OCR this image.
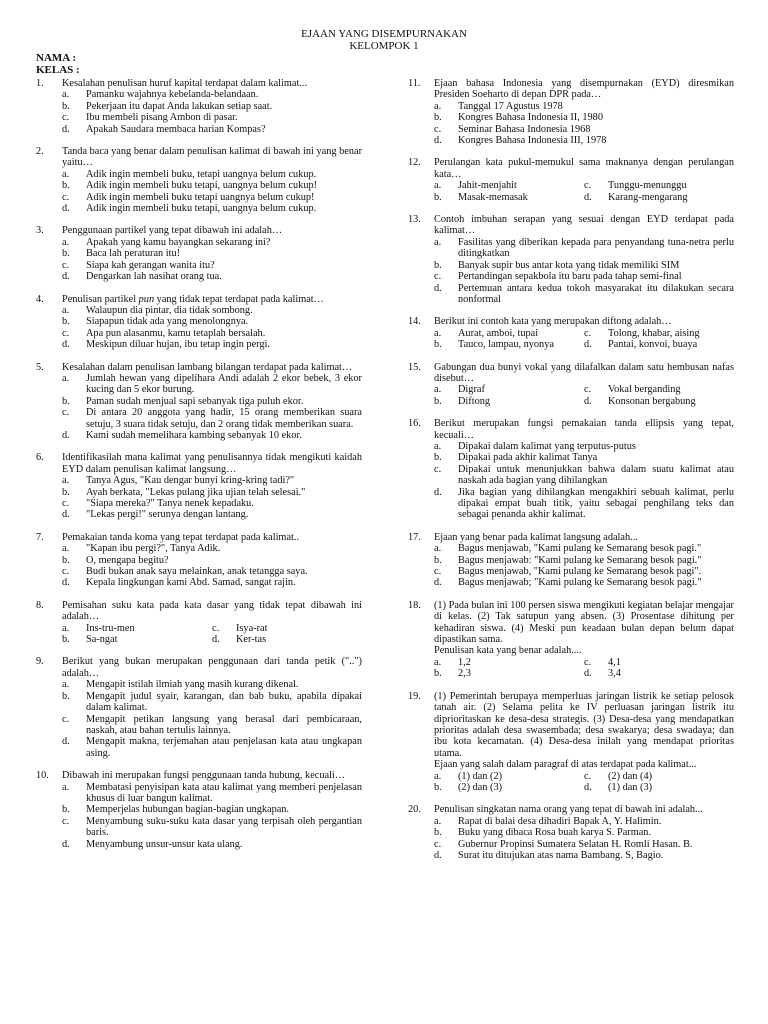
EJAAN YANG DISEMPURNAKAN
KELOMPOK 1
NAMA :
KELAS :
1.	Kesalahan penulisan huruf kapital terdapat dalam kalimat...
a. Pamanku wajahnya kebelanda-belandaan.
b. Pekerjaan itu dapat Anda lakukan setiap saat.
c. Ibu membeli pisang Ambon di pasar.
d. Apakah Saudara membaca harian Kompas?
2.	Tanda baca yang benar dalam penulisan kalimat di bawah ini yang benar yaitu…
a. Adik ingin membeli buku, tetapi uangnya belum cukup.
b. Adik ingin membeli buku tetapi, uangnya belum cukup!
c. Adik ingin membeli buku tetapi uangnya belum cukup!
d. Adik ingin membeli buku tetapi, uangnya belum cukup.
3.	Penggunaan partikel yang tepat dibawah ini adalah…
a. Apakah yang kamu bayangkan sekarang ini?
b. Baca lah peraturan itu!
c. Siapa kah gerangan wanita itu?
d. Dengarkan lah nasihat orang tua.
4.	Penulisan partikel pun yang tidak tepat terdapat pada kalimat…
a. Walaupun dia pintar, dia tidak sombong.
b. Siapapun tidak ada yang menolongnya.
c. Apa pun alasanmu, kamu tetaplah bersalah.
d. Meskipun diluar hujan, ibu tetap ingin pergi.
5.	Kesalahan dalam penulisan lambang bilangan terdapat pada kalimat…
a. Jumlah hewan yang dipelihara Andi adalah 2 ekor bebek, 3 ekor kucing dan 5 ekor burung.
b. Paman sudah menjual sapi sebanyak tiga puluh ekor.
c. Di antara 20 anggota yang hadir, 15 orang memberikan suara setuju, 3 suara tidak setuju, dan 2 orang tidak memberikan suara.
d. Kami sudah memelihara kambing sebanyak 10 ekor.
6.	Identifikasilah mana kalimat yang penulisannya tidak mengikuti kaidah EYD dalam penulisan kalimat langsung…
a. Tanya Agus, "Kau dengar bunyi kring-kring tadi?"
b. Ayah berkata, "Lekas pulang jika ujian telah selesai."
c. "Siapa mereka?" Tanya nenek kepadaku.
d. "Lekas pergi!" serunya dengan lantang.
7.	Pemakaian tanda koma yang tepat terdapat pada kalimat..
a. "Kapan ibu pergi?", Tanya Adik.
b. O, mengapa begitu?
c. Budi bukan anak saya melainkan, anak tetangga saya.
d. Kepala lingkungan kami Abd. Samad, sangat rajin.
8.	Pemisahan suku kata pada kata dasar yang tidak tepat dibawah ini adalah…
a. Ins-tru-men	c. Isya-rat
b. Sa-ngat	d. Ker-tas
9.	Berikut yang bukan merupakan penggunaan dari tanda petik ("..") adalah…
a. Mengapit istilah ilmiah yang masih kurang dikenal.
b. Mengapit judul syair, karangan, dan bab buku, apabila dipakai dalam kalimat.
c. Mengapit petikan langsung yang berasal dari pembicaraan, naskah, atau bahan tertulis lainnya.
d. Mengapit makna, terjemahan atau penjelasan kata atau ungkapan asing.
10.	Dibawah ini merupakan fungsi penggunaan tanda hubung, kecuali…
a. Membatasi penyisipan kata atau kalimat yang memberi penjelasan khusus di luar bangun kalimat.
b. Memperjelas hubungan bagian-bagian ungkapan.
c. Menyambung suku-suku kata dasar yang terpisah oleh pergantian baris.
d. Menyambung unsur-unsur kata ulang.
11.	Ejaan bahasa Indonesia yang disempurnakan (EYD) diresmikan Presiden Soeharto di depan DPR pada…
a. Tanggal 17 Agustus 1978
b. Kongres Bahasa Indonesia II, 1980
c. Seminar Bahasa Indonesia 1968
d. Kongres Bahasa Indonesia III, 1978
12.	Perulangan kata pukul-memukul sama maknanya dengan perulangan kata…
a. Jahit-menjahit	c. Tunggu-menunggu
b. Masak-memasak	d. Karang-mengarang
13.	Contoh imbuhan serapan yang sesuai dengan EYD terdapat pada kalimat…
a. Fasilitas yang diberikan kepada para penyandang tuna-netra perlu ditingkatkan
b. Banyak supir bus antar kota yang tidak memiliki SIM
c. Pertandingan sepakbola itu baru pada tahap semi-final
d. Pertemuan antara kedua tokoh masyarakat itu dilakukan secara nonformal
14.	Berikut ini contoh kata yang merupakan diftong adalah…
a. Aurat, amboi, tupai	c. Tolong, khabar, aising
b. Tauco, lampau, nyonya	d. Pantai, konvoi, buaya
15.	Gabungan dua bunyi vokal yang dilafalkan dalam satu hembusan nafas disebut…
a. Digraf	c. Vokal berganding
b. Diftong	d. Konsonan bergabung
16.	Berikut merupakan fungsi pemakaian tanda ellipsis yang tepat, kecuali…
a. Dipakai dalam kalimat yang terputus-putus
b. Dipakai pada akhir kalimat Tanya
c. Dipakai untuk menunjukkan bahwa dalam suatu kalimat atau naskah ada bagian yang dihilangkan
d. Jika bagian yang dihilangkan mengakhiri sebuah kalimat, perlu dipakai empat buah titik, yaitu sebagai penghilang teks dan sebagai penanda akhir kalimat.
17.	Ejaan yang benar pada kalimat langsung adalah...
a. Bagus menjawab, "Kami pulang ke Semarang besok pagi."
b. Bagus menjawab: "Kami pulang ke Semarang besok pagi."
c. Bagus menjawab, "Kami pulang ke Semarang besok pagi".
d. Bagus menjawab; "Kami pulang ke Semarang besok pagi."
18.	(1) Pada bulan ini 100 persen siswa mengikuti kegiatan belajar mengajar di kelas. (2) Tak satupun yang absen. (3) Prosentase dihitung per kehadiran siswa. (4) Meski pun keadaan bulan depan belum dapat dipastikan sama.
Penulisan kata yang benar adalah....
a. 1,2	c. 4,1
b. 2,3	d. 3,4
19.	(1) Pemerintah berupaya memperluas jaringan listrik ke setiap pelosok tanah air. (2) Selama pelita ke IV perluasan jaringan listrik itu diprioritaskan ke desa-desa strategis. (3) Desa-desa yang mendapatkan prioritas adalah desa swasembada; desa swakarya; desa swadaya; dan ibu kota kecamatan. (4) Desa-desa inilah yang mendapat prioritas utama.
Ejaan yang salah dalam paragraf di atas terdapat pada kalimat...
a. (1) dan (2)	c. (2) dan (4)
b. (2) dan (3)	d. (1) dan (3)
20.	Penulisan singkatan nama orang yang tepat di bawah ini adalah...
a. Rapat di balai desa dihadiri Bapak A, Y. Halimin.
b. Buku yang dibaca Rosa buah karya S. Parman.
c. Gubernur Propinsi Sumatera Selatan H. Romli Hasan. B.
d. Surat itu ditujukan atas nama Bambang. S, Bagio.
